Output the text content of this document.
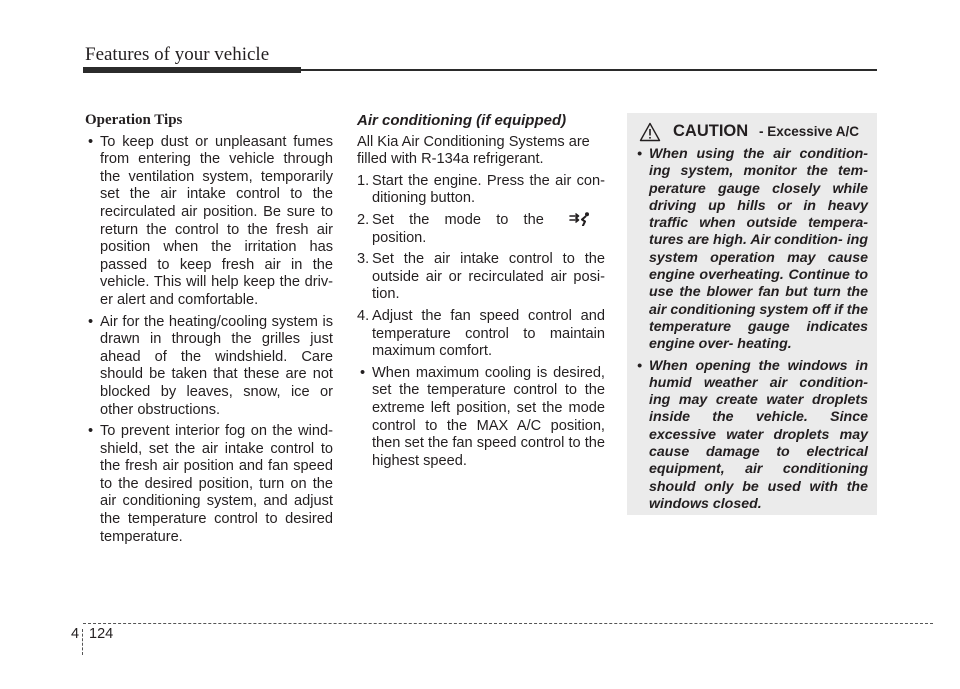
Features of your vehicle
Operation Tips
• To keep dust or unpleasant fumes from entering the vehicle through the ventilation system, temporarily set the air intake control to the recirculated air position. Be sure to return the control to the fresh air position when the irritation has passed to keep fresh air in the vehicle. This will help keep the driv- er alert and comfortable.
• Air for the heating/cooling system is drawn in through the grilles just ahead of the windshield. Care should be taken that these are not blocked by leaves, snow, ice or other obstructions.
• To prevent interior fog on the wind- shield, set the air intake control to the fresh air position and fan speed to the desired position, turn on the air conditioning system, and adjust the temperature control to desired temperature.
Air conditioning (if equipped)
All Kia Air Conditioning Systems are filled with R-134a refrigerant.
1. Start the engine. Press the air con- ditioning button.
2. Set the mode to the  position.
3. Set the air intake control to the outside air or recirculated air posi- tion.
4. Adjust the fan speed control and temperature control to maintain maximum comfort.
• When maximum cooling is desired, set the temperature control to the extreme left position, set the mode control to the MAX A/C position, then set the fan speed control to the highest speed.
CAUTION - Excessive A/C
• When using the air condition- ing system, monitor the tem- perature gauge closely while driving up hills or in heavy traffic when outside tempera- tures are high. Air condition- ing system operation may cause engine overheating. Continue to use the blower fan but turn the air conditioning system off if the temperature gauge indicates engine over- heating.
• When opening the windows in humid weather air condition- ing may create water droplets inside the vehicle. Since excessive water droplets may cause damage to electrical equipment, air conditioning should only be used with the windows closed.
4 124
